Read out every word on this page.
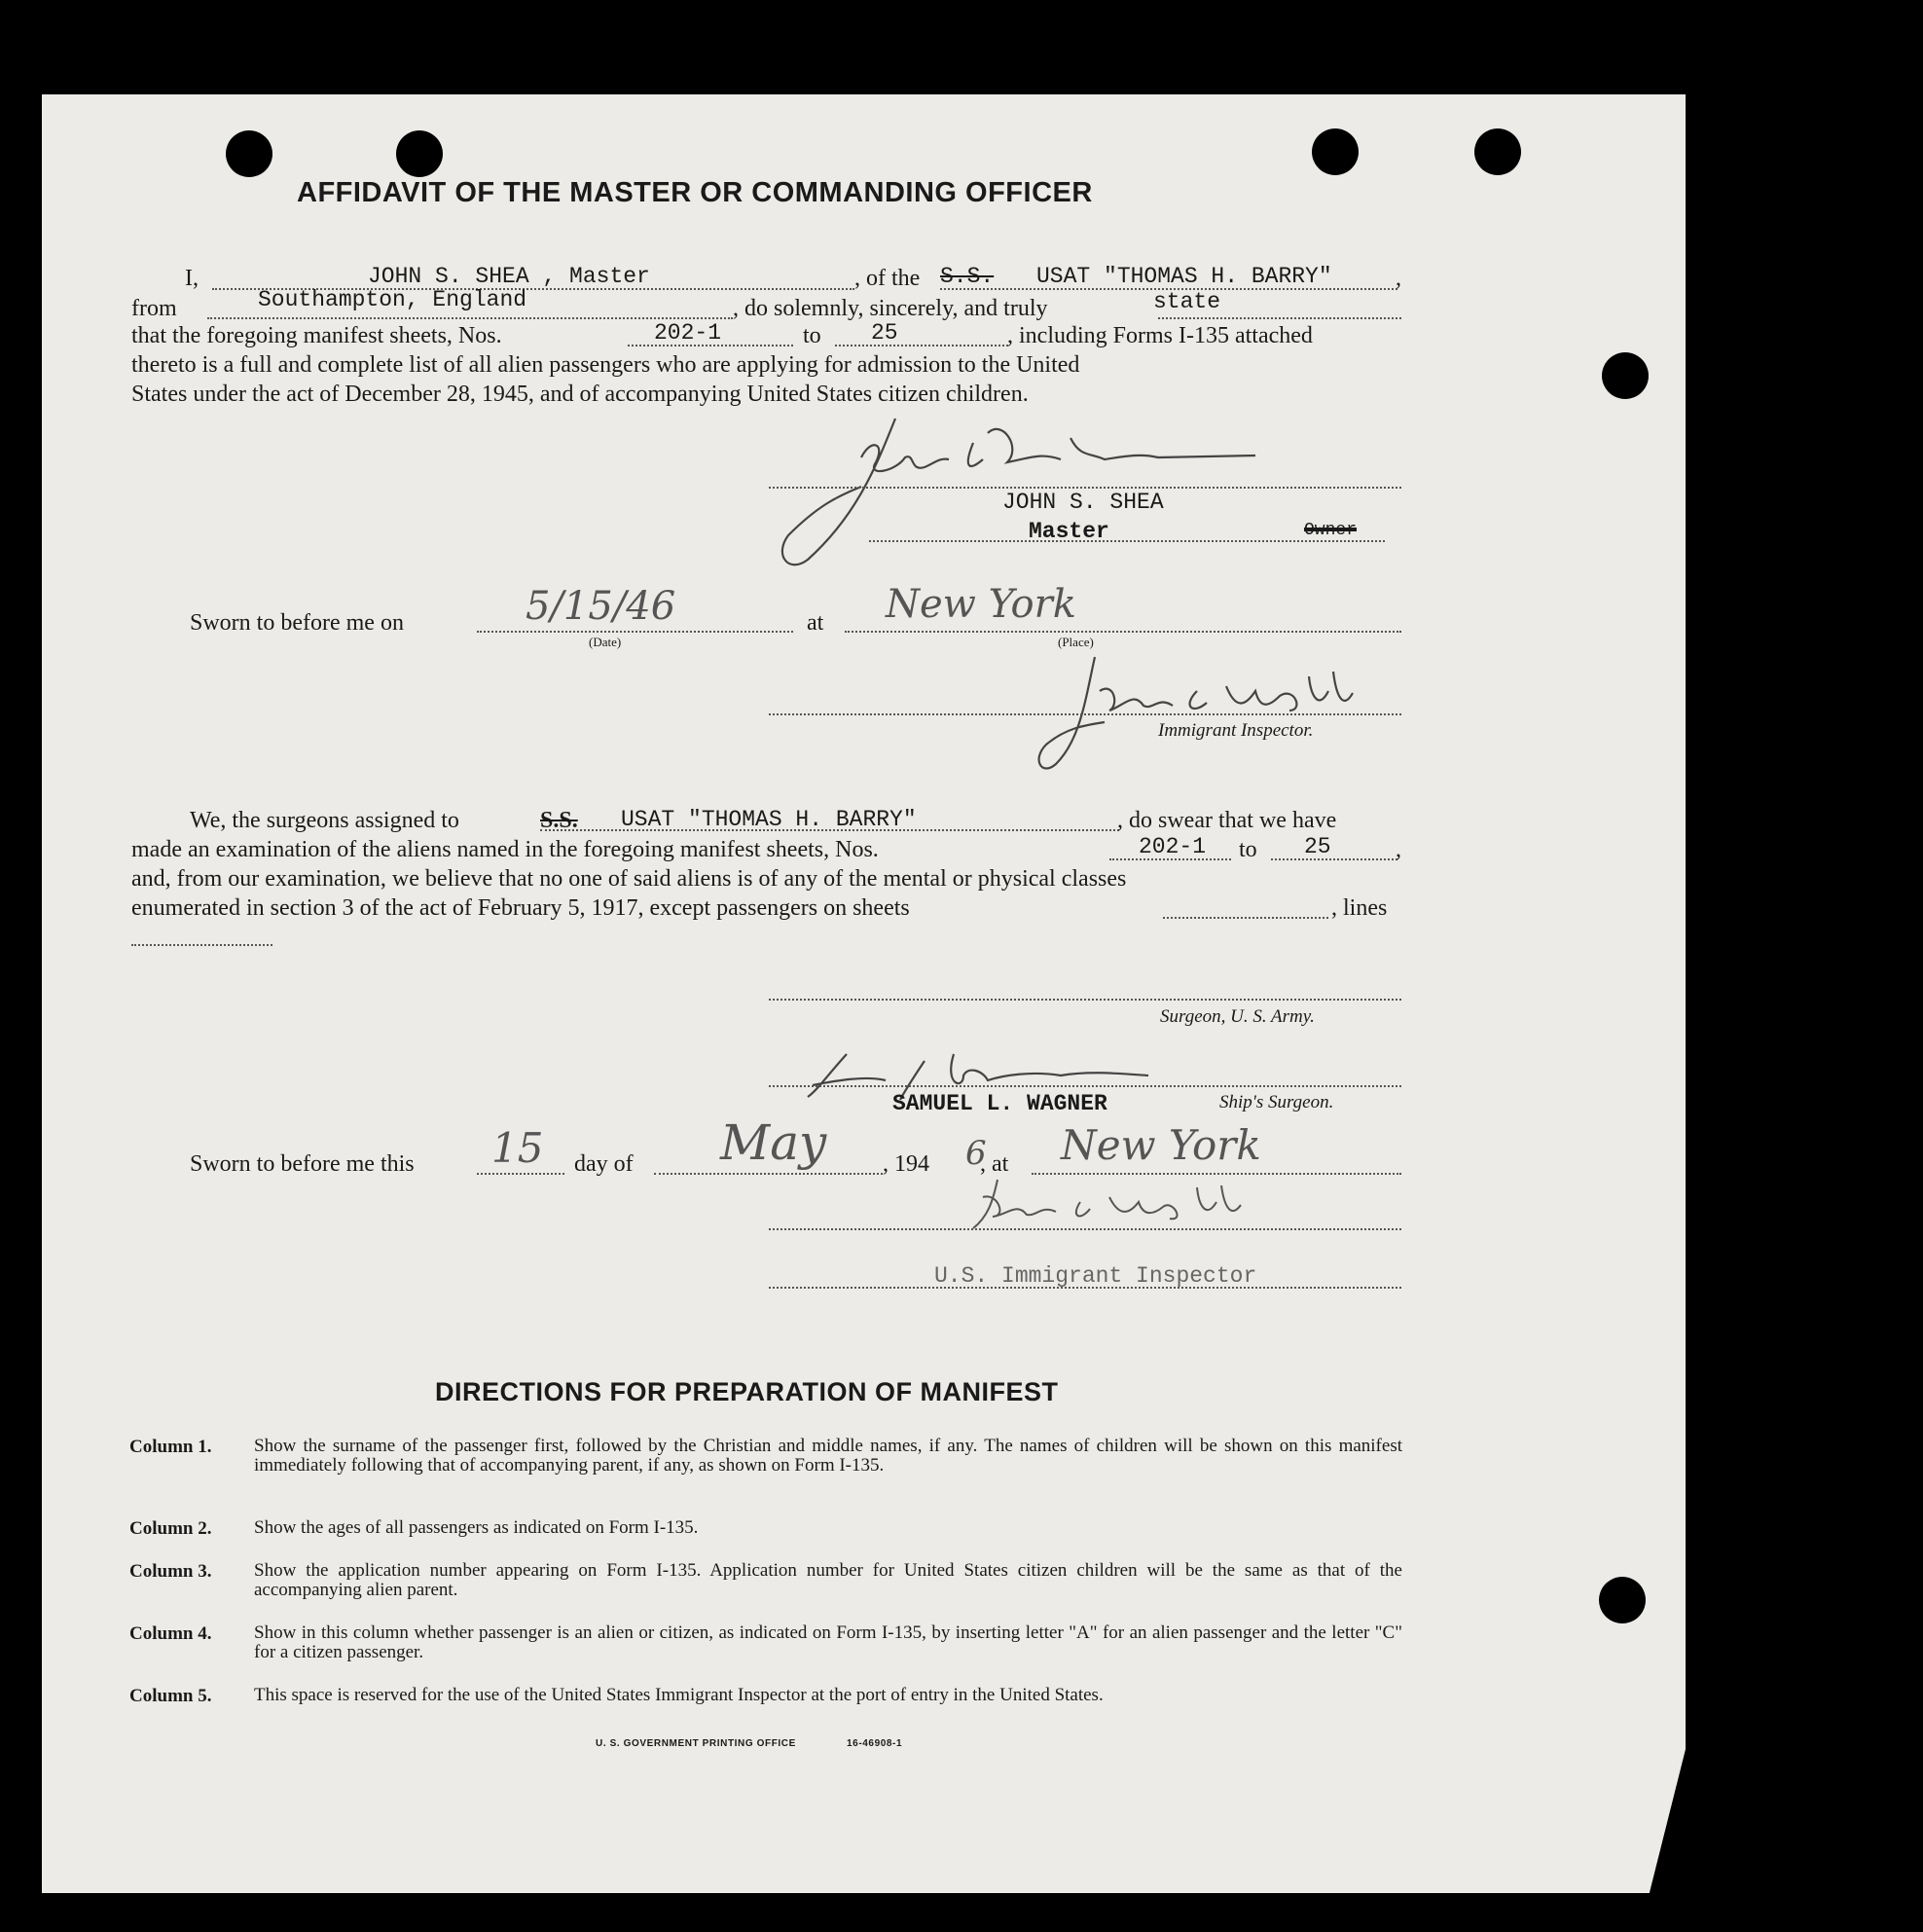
AFFIDAVIT OF THE MASTER OR COMMANDING OFFICER
I,	JOHN S. SHEA , Master	, of the S.S. USAT "THOMAS H. BARRY"	,
from	Southampton, England	, do solemnly, sincerely, and truly	state
that the foregoing manifest sheets, Nos.	202-1	to 25	, including Forms I-135 attached
thereto is a full and complete list of all alien passengers who are applying for admission to the United
States under the act of December 28, 1945, and of accompanying United States citizen children.
JOHN S. SHEA
Master	Owner
Sworn to before me on	5/15/46
(Date)
at New York
(Place)
Immigrant Inspector.
We, the surgeons assigned to	S.S. USAT "THOMAS H. BARRY"	, do swear that we have
made an examination of the aliens named in the foregoing manifest sheets, Nos.	202-1 to 25	,
and, from our examination, we believe that no one of said aliens is of any of the mental or physical classes
enumerated in section 3 of the act of February 5, 1917, except passengers on sheets	, lines
Surgeon, U. S. Army.
SAMUEL L. WAGNER	Ship's Surgeon.
Sworn to before me this 15 day of May , 194 6
, at New York
U.S. Immigrant Inspector
DIRECTIONS FOR PREPARATION OF MANIFEST
Column 1. Show the surname of the passenger first, followed by the Christian and middle names, if any. The names of children will be shown on this manifest immediately following that of accompanying parent, if any, as shown on Form I-135.
Column 2. Show the ages of all passengers as indicated on Form I-135.
Column 3. Show the application number appearing on Form I-135. Application number for United States citizen children will be the same as that of the accompanying alien parent.
Column 4. Show in this column whether passenger is an alien or citizen, as indicated on Form I-135, by inserting letter "A" for an alien passenger and the letter "C" for a citizen passenger.
Column 5. This space is reserved for the use of the United States Immigrant Inspector at the port of entry in the United States.
U. S. GOVERNMENT PRINTING OFFICE	16-46908-1
